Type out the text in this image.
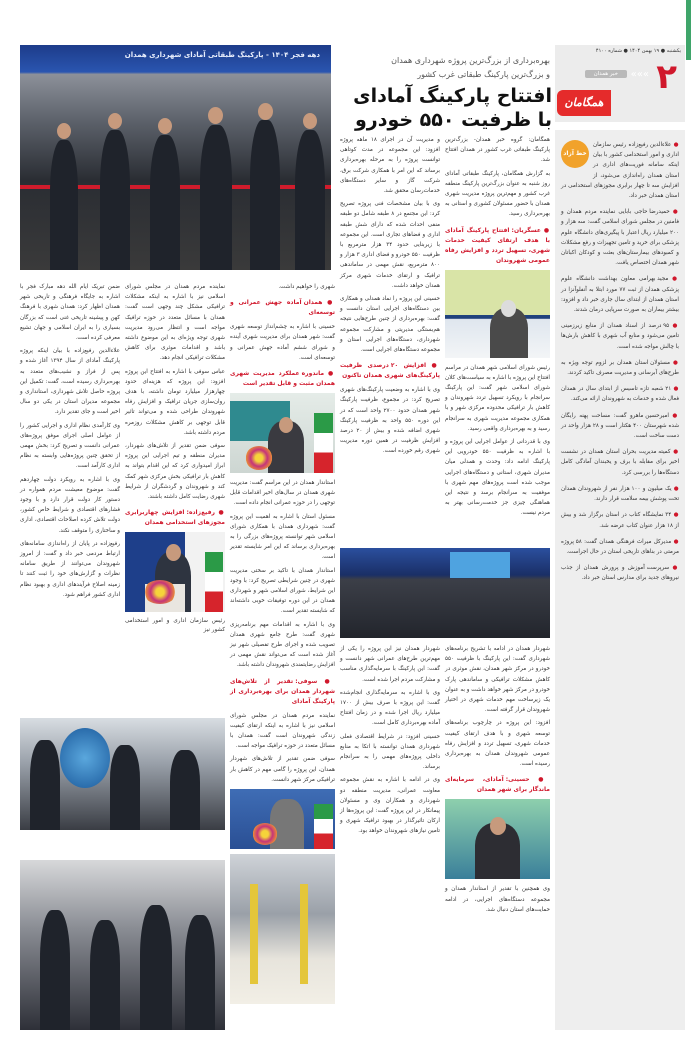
یکشنبه ● ۱۹ بهمن ۱۴۰۴ ● شماره ۴۱۰۰
۲
«««
خبر همدان
همگامان
دهه فجر ۱۴۰۴ - پارکینگ طبقاتی آمادای شهرداری همدان
بهره‌برداری از بزرگ‌ترین پروژه شهرداری همدان
و بزرگ‌ترین پارکینگ طبقاتی غرب کشور
افتتاح پارکینگ آمادای
با ظرفیت ۵۵۰ خودرو
خط آزاد

● علاءالدین رفیع‌زاده رئیس سازمان اداری و امور استخدامی کشور با بیان اینکه سامانه فوریت‌های اداری در استان همدان راه‌اندازی می‌شود، از افزایش سه تا چهار برابری مجوزهای استخدامی در استان همدان خبر داد.

● حمیدرضا حاجی بابایی نماینده مردم همدان و فامنین در مجلس شورای اسلامی گفت: سه هزار و ۲۰۰ میلیارد ریال اعتبار با پیگیری‌های دانشگاه علوم پزشکی برای خرید و تامین تجهیزات و رفع مشکلات و کمبودهای بیمارستان‌های بعثت و کودکان اکباتان شهر همدان اختصاص یافت.

● مجید بهرامی معاون بهداشت دانشگاه علوم پزشکی همدان از ثبت ۷۷ مورد ابتلا به آنفلوآنزا در استان همدان از ابتدای سال جاری خبر داد و افزود: بیشتر بیماران به صورت سرپایی درمان شدند.

● ۹۵ درصد از اسناد همدان از منابع زیرزمینی تامین می‌شود و منابع آب شهری با کاهش بارش‌ها با چالش مواجه شده است.

● مسئولان استان همدان بر لزوم توجه ویژه به طرح‌های آبرسانی و مدیریت مصرف تاکید کردند.

● ۲۱ شعبه تازه تاسیس از ابتدای سال در همدان فعال شده و خدمات به شهروندان ارائه می‌کند.

● امیرحسین ماهرو گفت: مساحت پهنه رایگان شده شهرستان ۴۰۰ هکتار است و ۲۸ هزار واحد در دست ساخت است.

● کمیته مدیریت بحران استان همدان در نشست اخیر برای مقابله با برف و یخبندان آمادگی کامل دستگاه‌ها را بررسی کرد.

● یک میلیون و ۱۰۰ هزار نفر از شهروندان همدان تحت پوشش بیمه سلامت قرار دارند.

● ۳۴ نمایشگاه کتاب در استان برگزار شد و بیش از ۱۸ هزار عنوان کتاب عرضه شد.

● مدیرکل میراث فرهنگی همدان گفت: ۵۸ پروژه مرمتی در بناهای تاریخی استان در حال اجراست.

● سرپرست آموزش و پرورش همدان از جذب نیروهای جدید برای مدارس استان خبر داد.

همگامان: گروه خبر همدان- بزرگ‌ترین پارکینگ طبقاتی غرب کشور در همدان افتتاح شد.

به گزارش همگامان، پارکینگ طبقاتی آمادای روز شنبه به عنوان بزرگ‌ترین پارکینگ منطقه غرب کشور و مهم‌ترین پروژه مدیریت شهری همدان با حضور مسئولان کشوری و استانی به بهره‌برداری رسید.

● عسگریان: افتتاح پارکینگ آمادای با هدف ارتقای کیفیت خدمات شهری، تسهیل تردد و افزایش رفاه عمومی شهروندان

رئیس شورای اسلامی شهر همدان در مراسم افتتاح این پروژه با اشاره به سیاست‌های کلان شورای اسلامی شهر گفت: این پارکینگ سرانجام با رویکرد تسهیل تردد شهروندان و کاهش بار ترافیکی محدوده مرکزی شهر و با همکاری مجموعه مدیریت شهری به سرانجام رسید و به بهره‌برداری واقعی رسید.

وی با قدردانی از عوامل اجرایی این پروژه و با اشاره به ظرفیت ۵۵۰ خودرویی این پارکینگ ادامه داد: وحدت و همدلی میان مدیران شهری، استانی و دستگاه‌های اجرایی موجب شده است پروژه‌های مهم شهری با موفقیت به سرانجام برسد و نتیجه این هماهنگی چیزی جز خدمت‌رسانی بهتر به مردم نیست.

و مدیریت آن در اجرای ۱۸ ماهه پروژه افزود: این مجموعه در مدت کوتاهی توانست پروژه را به مرحله بهره‌برداری برساند که این امر با همکاری شرکت برق، شرکت گاز و سایر دستگاه‌های خدمات‌رسان محقق شد.

وی با بیان مشخصات فنی پروژه تصریح کرد: این مجتمع در ۸ طبقه شامل دو طبقه منفی احداث شده که دارای شش طبقه اداری و فضاهای تجاری است. این مجموعه با زیربنایی حدود ۳۴ هزار مترمربع با ظرفیت ۵۵۰ خودرو و فضای اداری ۳ هزار و ۸۰۰ مترمربع، نقش مهمی در ساماندهی ترافیک و ارتقای خدمات شهری مرکز همدان خواهد داشت.

حسینی این پروژه را نماد همدلی و همکاری بین دستگاه‌های اجرایی استان دانست و گفت: بهره‌برداری از چنین طرح‌هایی نتیجه هم‌بستگی مدیریتی و مشارکت مجموعه شهرداری، دستگاه‌های اجرایی استان و مجموعه دستگاه‌های اجرایی است.

● افزایش ۲۰ درصدی ظرفیت پارکینگ‌های شهری همدان تاکنون

وی با اشاره به وضعیت پارکینگ‌های شهری تصریح کرد: در مجموع، ظرفیت پارکینگ شهر همدان حدود ۲۷۰۰ واحد است که در این دوره ۵۵۰ واحد به ظرفیت پارکینگ شهری اضافه شده و بیش از ۲۰ درصد افزایش ظرفیت در همین دوره مدیریت شهری رقم خورده است.

شهردار همدان در ادامه با تشریح برنامه‌های شهرداری گفت: این پارکینگ با ظرفیت ۵۵۰ خودرو در مرکز شهر همدان، نقش موثری در کاهش مشکلات ترافیکی و ساماندهی پارک خودرو در مرکز شهر خواهد داشت و به عنوان یک زیرساخت مهم خدمات شهری در اختیار شهروندان قرار گرفته است.

افزود: این پروژه در چارچوب برنامه‌های توسعه شهری و با هدف ارتقای کیفیت خدمات شهری، تسهیل تردد و افزایش رفاه عمومی شهروندان همدان به بهره‌برداری رسیده است.

● حسینی: آمادای، سرمایه‌ای ماندگار برای شهر همدان

وی همچنین با تقدیر از استاندار همدان و مجموعه دستگاه‌های اجرایی، در ادامه حمایت‌های استان دنبال شد.

شهردار همدان نیز این پروژه را یکی از مهم‌ترین طرح‌های عمرانی شهر دانست و گفت: این پارکینگ با سرمایه‌گذاری مناسب و مشارکت مردم اجرا شده است.

وی با اشاره به سرمایه‌گذاری انجام‌شده گفت: این پروژه با صرف بیش از ۱۷۰۰ میلیارد ریال اجرا شده و در زمان افتتاح آماده بهره‌برداری کامل است.

حسینی افزود: در شرایط اقتصادی فعلی شهرداری همدان توانسته با اتکا به منابع داخلی پروژه‌های مهمی را به سرانجام برساند.

وی در ادامه با اشاره به نقش مجموعه معاونت عمرانی، مدیریت منطقه دو شهرداری و همکاران وی و مسئولان پیمانکار در این پروژه گفت: این پروژه‌ها از ارکان تاثیرگذار در بهبود ترافیک شهری و تامین نیازهای شهروندان خواهد بود.

شهری را خواهیم داشت.

● همدان آماده جهش عمرانی و توسعه‌ای

حسینی با اشاره به چشم‌انداز توسعه شهری گفت: شهر همدان برای مدیریت شهری آینده و شورای ششم آماده جهش عمرانی و توسعه‌ای است.

● ماندوره عملکرد مدیریت شهری همدان مثبت و قابل تقدیر است

استاندار همدان در این مراسم گفت: مدیریت شهری همدان در سال‌های اخیر اقدامات قابل توجهی را در حوزه عمرانی انجام داده است.

مسئول استان با اشاره به اهمیت این پروژه گفت: شهرداری همدان با همکاری شورای اسلامی شهر توانسته پروژه‌های بزرگی را به بهره‌برداری برساند که این امر شایسته تقدیر است.

استاندار همدان با تاکید بر سختی مدیریت شهری در چنین شرایطی تصریح کرد: با وجود این شرایط، شورای اسلامی شهر و شهرداری همدان در این دوره توفیقات خوبی داشته‌اند که شایسته تقدیر است.

وی با اشاره به اقدامات مهم برنامه‌ریزی شهری گفت: طرح جامع شهری همدان تصویب شده و اجرای طرح تفصیلی شهر نیز آغاز شده است که می‌تواند نقش مهمی در افزایش رضایتمندی شهروندان داشته باشد.

● سوفی: تقدیر از تلاش‌های شهردار همدان برای بهره‌برداری از پارکینگ آمادای

نماینده مردم همدان در مجلس شورای اسلامی نیز با اشاره به اینکه ارتقای کیفیت زندگی شهروندان است گفت: همدان با مسائل متعدد در حوزه ترافیک مواجه است.

سوفی ضمن تقدیر از تلاش‌های شهردار همدان، این پروژه را گامی مهم در کاهش بار ترافیکی مرکز شهر دانست.

نماینده مردم همدان در مجلس شورای اسلامی نیز با اشاره به اینکه مشکلات ترافیکی مشکل چند وجهی است گفت: همدان با مسائل متعدد در حوزه ترافیک مواجه است و انتظار می‌رود مدیریت شهری توجه ویژه‌ای به این موضوع داشته باشد و اقدامات موثری برای کاهش مشکلات ترافیکی انجام دهد.

عباس سوفی با اشاره به افتتاح این پروژه افزود: این پروژه که هزینه‌ای حدود چهارهزار میلیارد تومان داشته، با هدف روان‌سازی جریان ترافیک و افزایش رفاه شهروندان طراحی شده و می‌تواند تاثیر قابل توجهی بر کاهش مشکلات روزمره مردم داشته باشد.

سوفی ضمن تقدیر از تلاش‌های شهردار، مدیران منطقه و تیم اجرایی این پروژه ابراز امیدواری کرد که این اقدام بتواند به کاهش بار ترافیکی بخش مرکزی شهر کمک کند و شهروندان و گردشگران از شرایط شهری رضایت کامل داشته باشند.

● رفیع‌زاده: افزایش چهاربرابری مجوزهای استخدامی همدان
رئیس سازمان اداری و امور استخدامی کشور نیز

ضمن تبریک ایام الله دهه مبارک فجر با اشاره به جایگاه فرهنگی و تاریخی شهر همدان اظهار کرد: همدان شهری با فرهنگ کهن و پیشینه تاریخی غنی است که بزرگان بسیاری را به ایران اسلامی و جهان تشیع معرفی کرده است.

علاءالدین رفیع‌زاده با بیان اینکه پروژه پارکینگ آمادای از سال ۱۳۹۴ آغاز شده و پس از فراز و نشیب‌های متعدد به بهره‌برداری رسیده است، گفت: تکمیل این پروژه حاصل تلاش شهرداری، استانداری و مجموعه مدیران استان در یکی دو سال اخیر است و جای تقدیر دارد.

وی کارآمدی نظام اداری و اجرایی کشور را از عوامل اصلی اجرای موفق پروژه‌های عمرانی دانست و تصریح کرد: بخش مهمی از تحقق چنین پروژه‌هایی وابسته به نظام اداری کارآمد است.

وی با اشاره به رویکرد دولت چهاردهم گفت: موضوع معیشت مردم همواره در دستور کار دولت قرار دارد و با وجود فشارهای اقتصادی و شرایط خاص کشور، دولت تلاش کرده اصلاحات اقتصادی، اداری و ساختاری را متوقف نکند.

رفیع‌زاده در پایان از راه‌اندازی سامانه‌های ارتباط مردمی خبر داد و گفت: از امروز شهروندان می‌توانند از طریق سامانه نظرات و گزارش‌های خود را ثبت کنند تا زمینه اصلاح فرآیندهای اداری و بهبود نظام اداری کشور فراهم شود.
